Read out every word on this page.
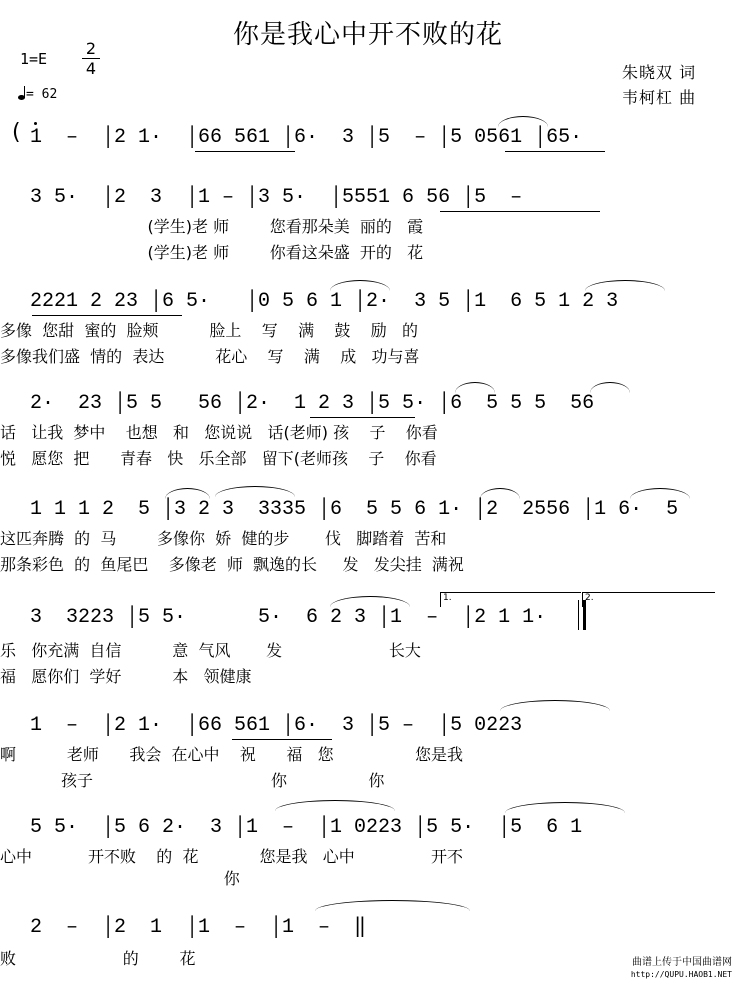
你是我心中开不败的花
1=E
2
4
= 62
朱晓双 词
韦柯杠 曲
( 1  –  │2 1·  │66 561 │6·  3 │5  – │5 0561 │65·
3 5·  │2  3  │1 – │3 5·  │5551 6 56 │5  –
(学生)老 师        您看那朵美  丽的   霞
(学生)老 师        你看这朵盛  开的   花
2221 2 23 │6 5·   │0 5 6 1 │2·  3 5 │1  6 5 1 2 3
多像  您甜  蜜的  脸颊          脸上    写    满    鼓    励   的
多像我们盛  情的  表达          花心    写    满    成   功与喜
2·  23 │5 5   56 │2·  1 2 3 │5 5· │6  5 5 5  56
话   让我  梦中    也想   和   您说说   话(老师) 孩    子    你看
悦   愿您  把      青春   快   乐全部   留下(老师孩    子    你看
1 1 1 2  5 │3 2 3  3335 │6  5 5 6 1· │2  2556 │1 6·  5
这匹奔腾  的  马        多像你  娇  健的步       伐   脚踏着  苦和
那条彩色  的  鱼尾巴    多像老  师  飘逸的长     发   发尖挂  满祝
1.	2.
3  3223 │5 5·      5·  6 2 3 │1  –  │2 1 1·
乐   你充满  自信          意  气风       发                     长大
福   愿你们  学好          本   领健康
1  –  │2 1·  │66 561 │6·  3 │5 –  │5 0223
啊          老师      我会  在心中    祝      福   您                您是我
孩子                                   你                你
5 5·  │5 6 2·  3 │1  –  │1 0223 │5 5·  │5  6 1
心中           开不败    的  花            您是我   心中               开不
你
2  –  │2  1  │1  –  │1  –  ‖
败                     的        花	曲谱上传于中国曲谱网
http://QUPU.HAOB1.NET
